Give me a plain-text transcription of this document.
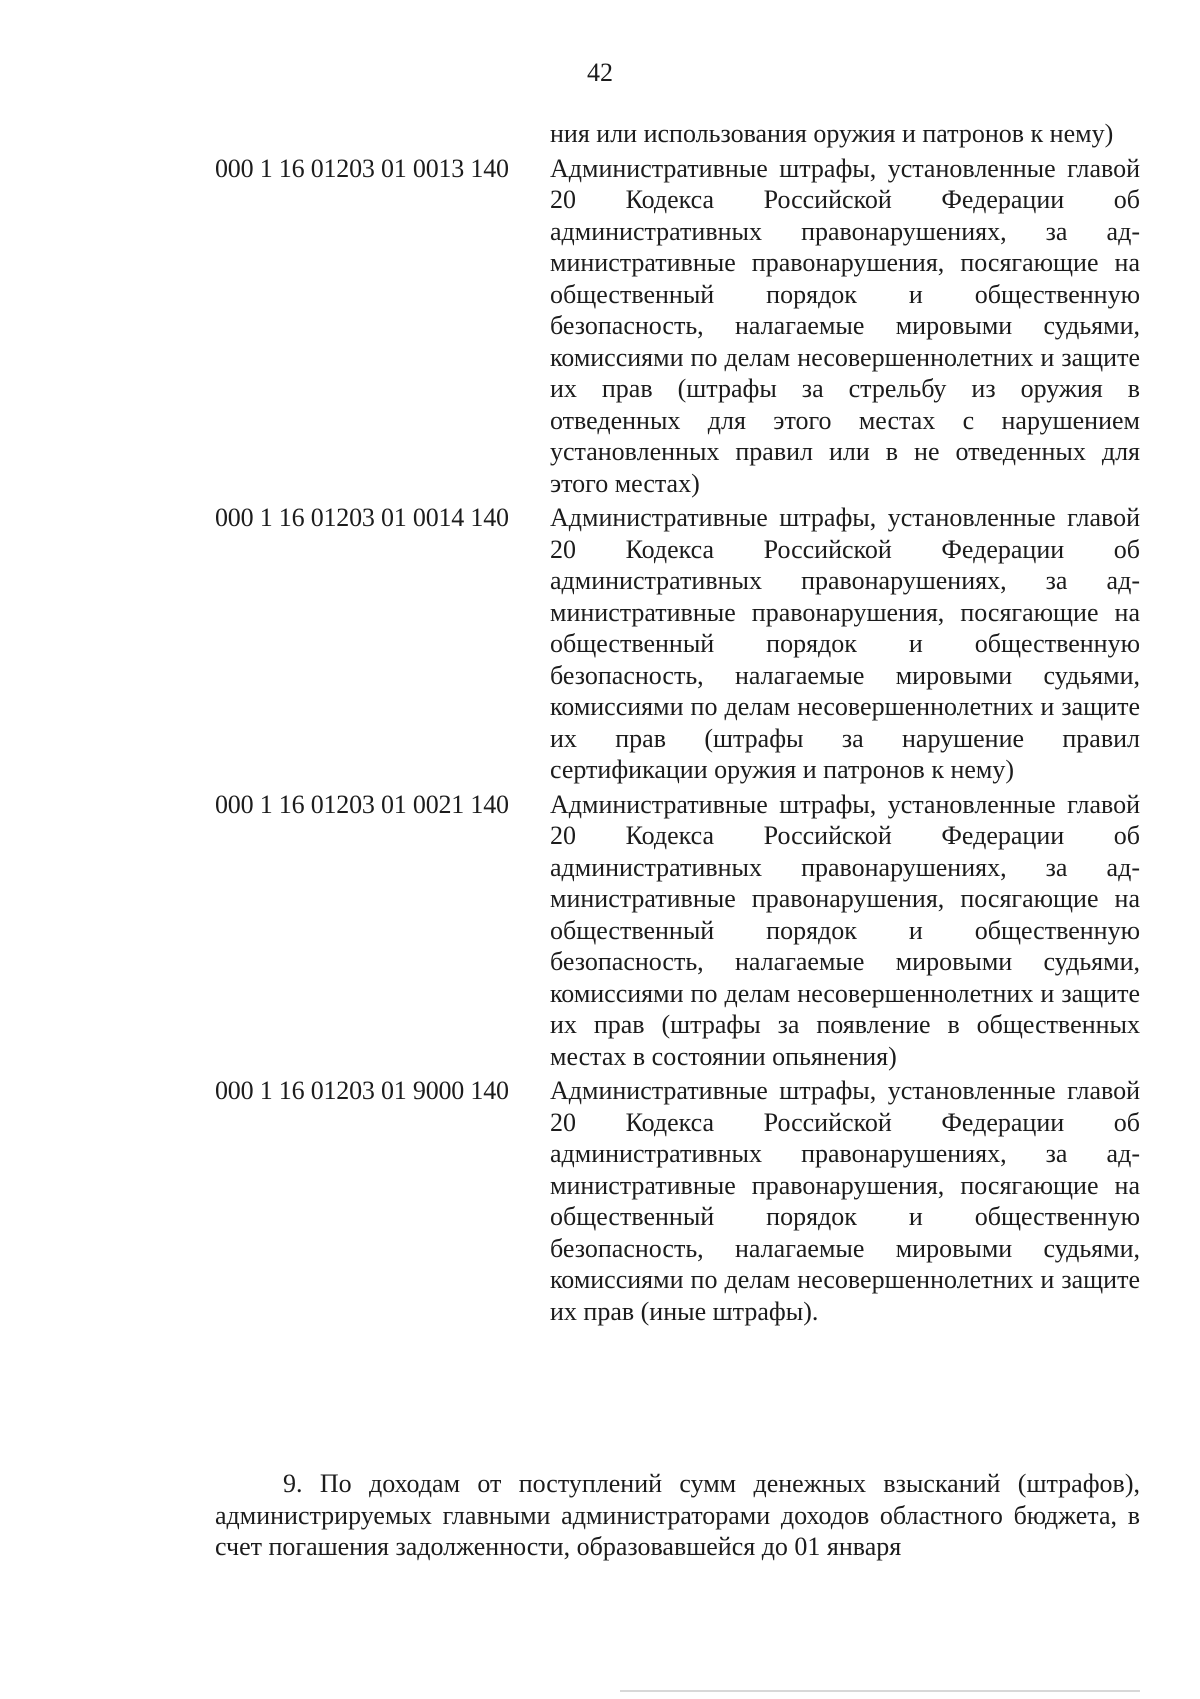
42
	ния или использования оружия и патронов к нему)
000 1 16 01203 01 0013 140	Административные штрафы, установленные главой 20 Кодекса Российской Федерации об административных правонарушениях, за административные правонарушения, посягающие на общественный порядок и общественную безопасность, налагаемые мировыми судьями, комиссиями по делам несовершеннолетних и защите их прав (штрафы за стрельбу из оружия в отведенных для этого местах с нарушением установленных правил или в не отведенных для этого местах)
000 1 16 01203 01 0014 140	Административные штрафы, установленные главой 20 Кодекса Российской Федерации об административных правонарушениях, за административные правонарушения, посягающие на общественный порядок и общественную безопасность, налагаемые мировыми судьями, комиссиями по делам несовершеннолетних и защите их прав (штрафы за нарушение правил сертификации оружия и патронов к нему)
000 1 16 01203 01 0021 140	Административные штрафы, установленные главой 20 Кодекса Российской Федерации об административных правонарушениях, за административные правонарушения, посягающие на общественный порядок и общественную безопасность, налагаемые мировыми судьями, комиссиями по делам несовершеннолетних и защите их прав (штрафы за появление в общественных местах в состоянии опьянения)
000 1 16 01203 01 9000 140	Административные штрафы, установленные главой 20 Кодекса Российской Федерации об административных правонарушениях, за административные правонарушения, посягающие на общественный порядок и общественную безопасность, налагаемые мировыми судьями, комиссиями по делам несовершеннолетних и защите их прав (иные штрафы).

9. По доходам от поступлений сумм денежных взысканий (штрафов), администрируемых главными администраторами доходов областного бюджета, в счет погашения задолженности, образовавшейся до 01 января
